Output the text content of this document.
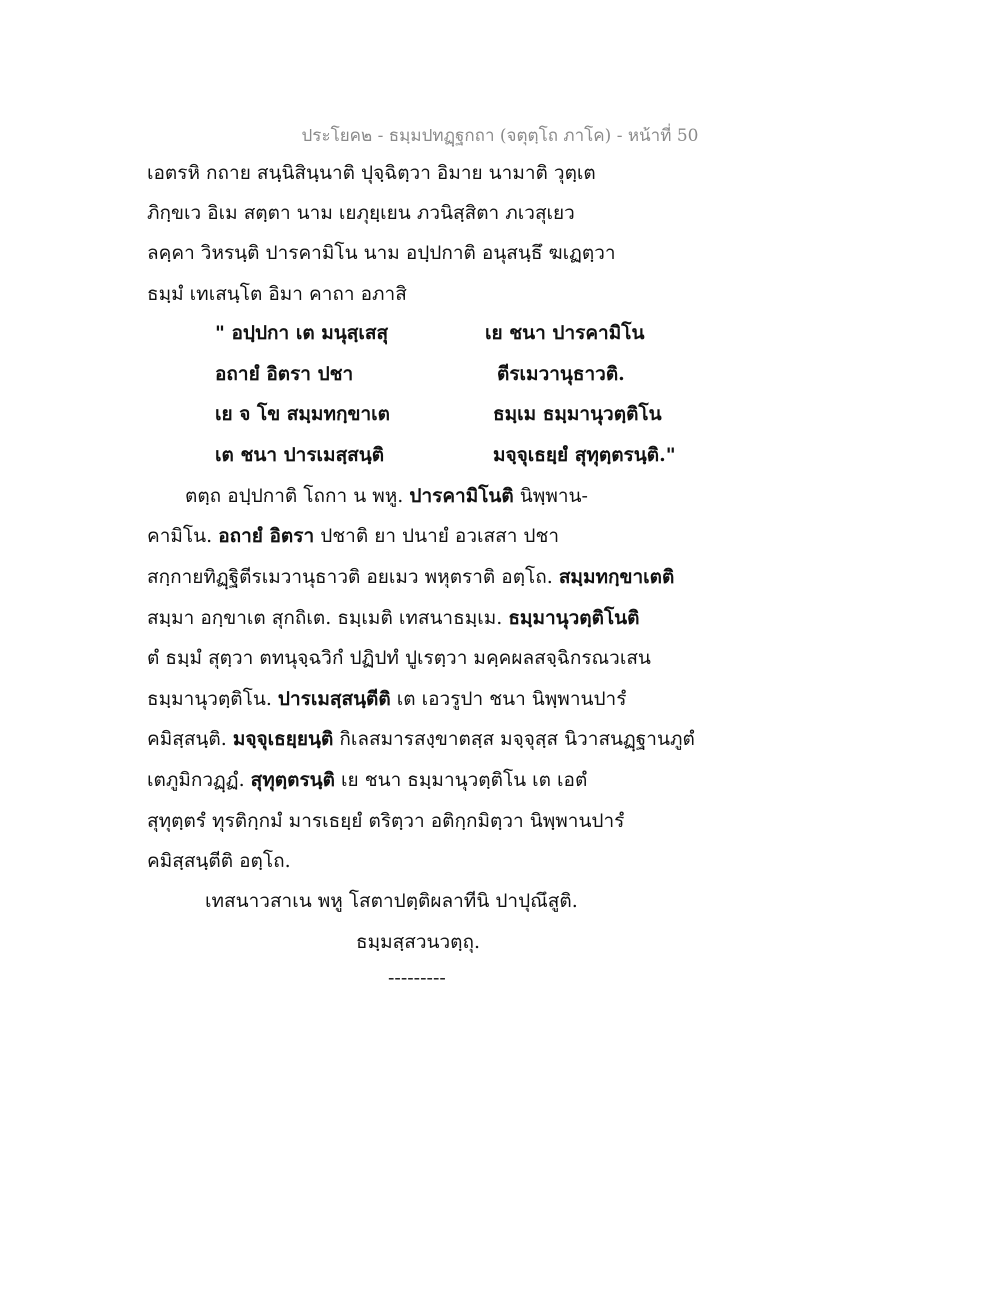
ประโยค๒ - ธมฺมปทฏฺฐกถา (จตุตฺโถ ภาโค) - หน้าที่ 50
เอตรหิ กถาย สนฺนิสินฺนาติ ปุจฺฉิตฺวา อิมาย นามาติ วุตฺเต
ภิกฺขเว อิเม สตฺตา นาม เยภุยฺเยน ภวนิสฺสิตา ภเวสุเยว
ลคฺคา วิหรนฺติ ปารคามิโน นาม อปฺปกาติ อนุสนฺธึ ฆเฏตฺวา
ธมฺมํ เทเสนฺโต อิมา คาถา อภาสิ
" อปฺปกา เต มนุสฺเสสุ	เย ชนา ปารคามิโน
อถายํ อิตรา ปชา	ตีรเมวานุธาวติ.
เย จ โข สมฺมทกฺขาเต	ธมฺเม ธมฺมานุวตฺติโน
เต ชนา ปารเมสฺสนฺติ	มจฺจุเธยฺยํ สุทุตฺตรนฺติ."
ตตฺถ อปฺปกาติ โถกา น พหู. ปารคามิโนติ นิพฺพาน-
คามิโน. อถายํ อิตรา ปชาติ ยา ปนายํ อวเสสา ปชา
สกฺกายทิฏฺฐิตีรเมวานุธาวติ อยเมว พหุตราติ อตฺโถ. สมฺมทกฺขาเตติ
สมฺมา อกฺขาเต สุกถิเต. ธมฺเมติ เทสนาธมฺเม. ธมฺมานุวตฺติโนติ
ตํ ธมฺมํ สุตฺวา ตทนุจฺฉวิกํ ปฏิปทํ ปูเรตฺวา มคฺคผลสจฺฉิกรณวเสน
ธมฺมานุวตฺติโน. ปารเมสฺสนฺตีติ เต เอวรูปา ชนา นิพฺพานปารํ
คมิสฺสนฺติ. มจฺจุเธยฺยนฺติ กิเลสมารสงฺขาตสฺส มจฺจุสฺส นิวาสนฏฺฐานภูตํ
เตภูมิกวฏฺฏํ. สุทุตฺตรนฺติ เย ชนา ธมฺมานุวตฺติโน เต เอตํ
สุทุตฺตรํ ทุรติกฺกมํ มารเธยฺยํ ตริตฺวา อติกฺกมิตฺวา นิพฺพานปารํ
คมิสฺสนฺตีติ อตฺโถ.
เทสนาวสาเน พหู โสตาปตฺติผลาทีนิ ปาปุณึสูติ.
ธมฺมสฺสวนวตฺถุ.
---------
